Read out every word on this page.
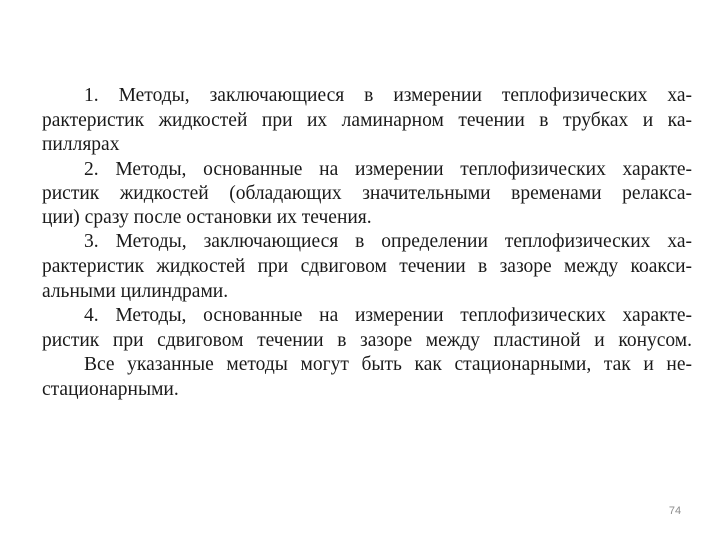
1. Методы, заключающиеся в измерении теплофизических ха-
рактеристик жидкостей при их ламинарном течении в трубках и ка-
пиллярах
2. Методы, основанные на измерении теплофизических характе-
ристик жидкостей (обладающих значительными временами релакса-
ции) сразу после остановки их течения.
3. Методы, заключающиеся в определении теплофизических ха-
рактеристик жидкостей при сдвиговом течении в зазоре между коакси-
альными цилиндрами.
4. Методы, основанные на измерении теплофизических характе-
ристик при сдвиговом течении в зазоре между пластиной и конусом.
Все указанные методы могут быть как стационарными, так и не-
стационарными.
74
